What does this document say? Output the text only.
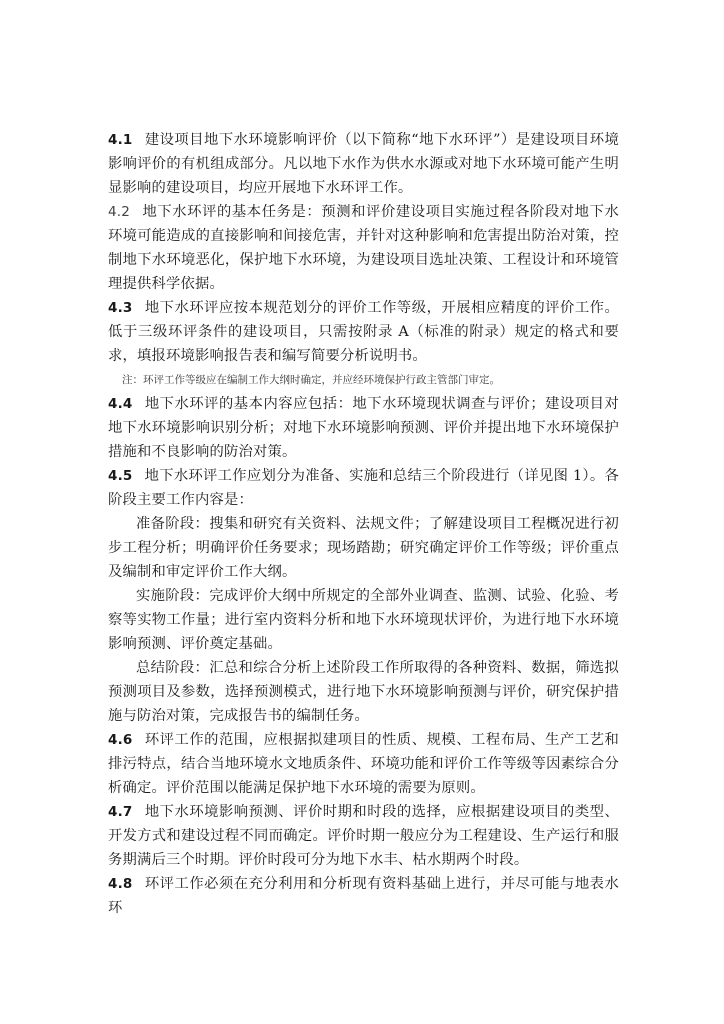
4.1 建设项目地下水环境影响评价（以下简称“地下水环评”）是建设项目环境影响评价的有机组成部分。凡以地下水作为供水水源或对地下水环境可能产生明显影响的建设项目，均应开展地下水环评工作。

4.2 地下水环评的基本任务是：预测和评价建设项目实施过程各阶段对地下水环境可能造成的直接影响和间接危害，并针对这种影响和危害提出防治对策，控制地下水环境恶化，保护地下水环境，为建设项目选址决策、工程设计和环境管理提供科学依据。

4.3 地下水环评应按本规范划分的评价工作等级，开展相应精度的评价工作。低于三级环评条件的建设项目，只需按附录 A（标准的附录）规定的格式和要求，填报环境影响报告表和编写简要分析说明书。

注：环评工作等级应在编制工作大纲时确定，并应经环境保护行政主管部门审定。

4.4 地下水环评的基本内容应包括：地下水环境现状调查与评价；建设项目对地下水环境影响识别分析；对地下水环境影响预测、评价并提出地下水环境保护措施和不良影响的防治对策。

4.5 地下水环评工作应划分为准备、实施和总结三个阶段进行（详见图 1）。各阶段主要工作内容是：

准备阶段：搜集和研究有关资料、法规文件；了解建设项目工程概况进行初步工程分析；明确评价任务要求；现场踏勘；研究确定评价工作等级；评价重点及编制和审定评价工作大纲。

实施阶段：完成评价大纲中所规定的全部外业调查、监测、试验、化验、考察等实物工作量；进行室内资料分析和地下水环境现状评价，为进行地下水环境影响预测、评价奠定基础。

总结阶段：汇总和综合分析上述阶段工作所取得的各种资料、数据，筛选拟预测项目及参数，选择预测模式，进行地下水环境影响预测与评价，研究保护措施与防治对策，完成报告书的编制任务。

4.6 环评工作的范围，应根据拟建项目的性质、规模、工程布局、生产工艺和排污特点，结合当地环境水文地质条件、环境功能和评价工作等级等因素综合分析确定。评价范围以能满足保护地下水环境的需要为原则。

4.7 地下水环境影响预测、评价时期和时段的选择，应根据建设项目的类型、开发方式和建设过程不同而确定。评价时期一般应分为工程建设、生产运行和服务期满后三个时期。评价时段可分为地下水丰、枯水期两个时段。

4.8 环评工作必须在充分利用和分析现有资料基础上进行，并尽可能与地表水环
